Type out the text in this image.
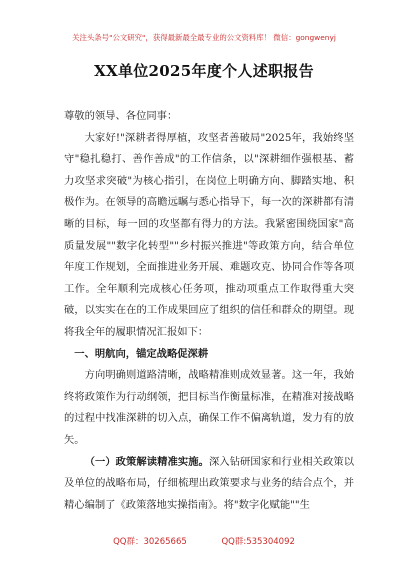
关注头条号"公文研究"，获得最新最全最专业的公文资料库！ 微信：gongwenyj
XX单位2025年度个人述职报告

尊敬的领导、各位同事：

大家好!"深耕者得厚植，攻坚者善破局"2025年，我始终坚守"稳扎稳打、善作善成"的工作信条，以"深耕细作强根基、蓄力攻坚求突破"为核心指引，在岗位上明确方向、脚踏实地、积极作为。在领导的高瞻远瞩与悉心指导下，每一次的深耕都有清晰的目标，每一回的攻坚都有得力的方法。我紧密围绕国家"高质量发展""数字化转型""乡村振兴推进"等政策方向，结合单位年度工作规划，全面推进业务开展、难题攻克、协同合作等各项工作。全年顺利完成核心任务项，推动项重点工作取得重大突破，以实实在在的工作成果回应了组织的信任和群众的期望。现将我全年的履职情况汇报如下：

一、明航向，锚定战略促深耕

方向明确则道路清晰，战略精准则成效显著。这一年，我始终将政策作为行动纲领，把目标当作衡量标准，在精准对接战略的过程中找准深耕的切入点，确保工作不偏离轨道，发力有的放矢。

（一）政策解读精准实施。深入钻研国家和行业相关政策以及单位的战略布局，仔细梳理出政策要求与业务的结合点个，并精心编制了《政策落地实操指南》。将"数字化赋能""生

QQ群：30265665	QQ群:535304092
